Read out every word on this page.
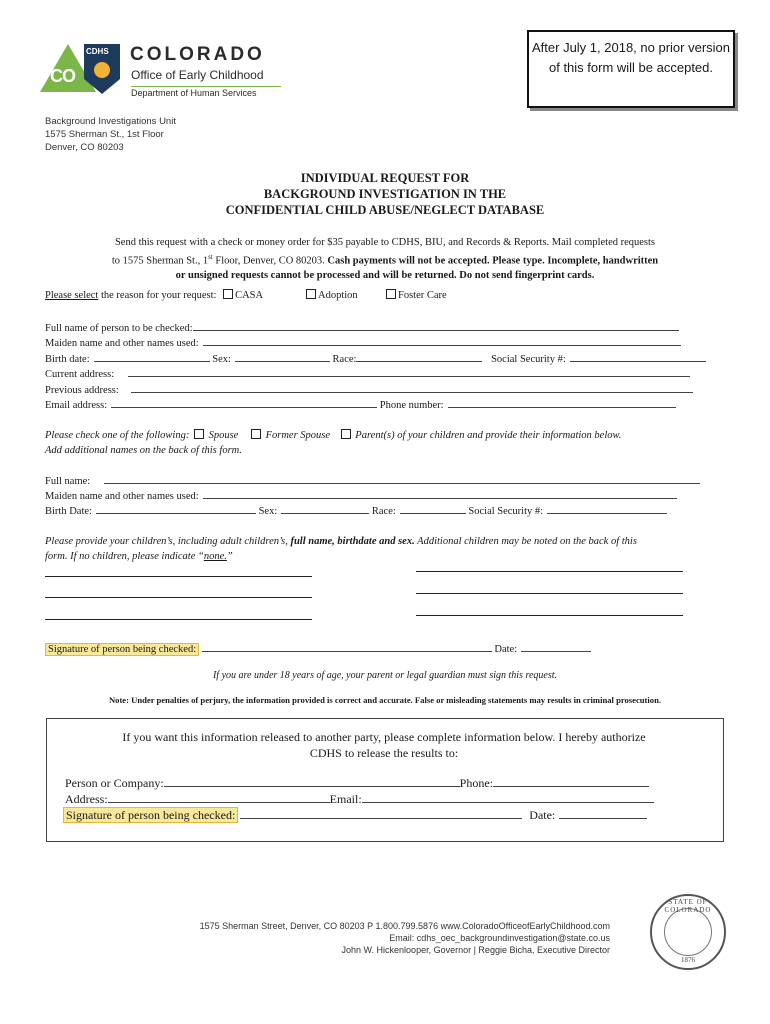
CO
CDHS COLORADO
Office of Early Childhood
Department of Human Services
After July 1, 2018, no prior version of this form will be accepted.
Background Investigations Unit
1575 Sherman St., 1st Floor
Denver, CO 80203
INDIVIDUAL REQUEST FOR
BACKGROUND INVESTIGATION IN THE
CONFIDENTIAL CHILD ABUSE/NEGLECT DATABASE
Send this request with a check or money order for $35 payable to CDHS, BIU, and Records & Reports. Mail completed requests
to 1575 Sherman St., 1st Floor, Denver, CO 80203. Cash payments will not be accepted. Please type. Incomplete, handwritten
or unsigned requests cannot be processed and will be returned. Do not send fingerprint cards.
Please select the reason for your request: CASA	Adoption	Foster Care
Full name of person to be checked:
Maiden name and other names used:
Birth date:	Sex:	Race:	Social Security #:
Current address:
Previous address:
Email address:	Phone number:
Please check one of the following: Spouse	Former Spouse Parent(s) of your children and provide their information below.
Add additional names on the back of this form.
Full name:
Maiden name and other names used:
Birth Date:	Sex:	Race:	Social Security #:
Please provide your children’s, including adult children’s, full name, birthdate and sex. Additional children may be noted on the back of this
form. If no children, please indicate “none.”
Signature of person being checked:	Date:
If you are under 18 years of age, your parent or legal guardian must sign this request.
Note: Under penalties of perjury, the information provided is correct and accurate. False or misleading statements may results in criminal prosecution.
If you want this information released to another party, please complete information below. I hereby authorize
CDHS to release the results to:
Person or Company:	Phone:
Address:	Email:
Signature of person being checked:	Date:
1575 Sherman Street, Denver, CO 80203 P 1.800.799.5876 www.ColoradoOfficeofEarlyChildhood.com
Email: cdhs_oec_backgroundinvestigation@state.co.us
John W. Hickenlooper, Governor | Reggie Bicha, Executive Director
STATE OF COLORADO
1876
